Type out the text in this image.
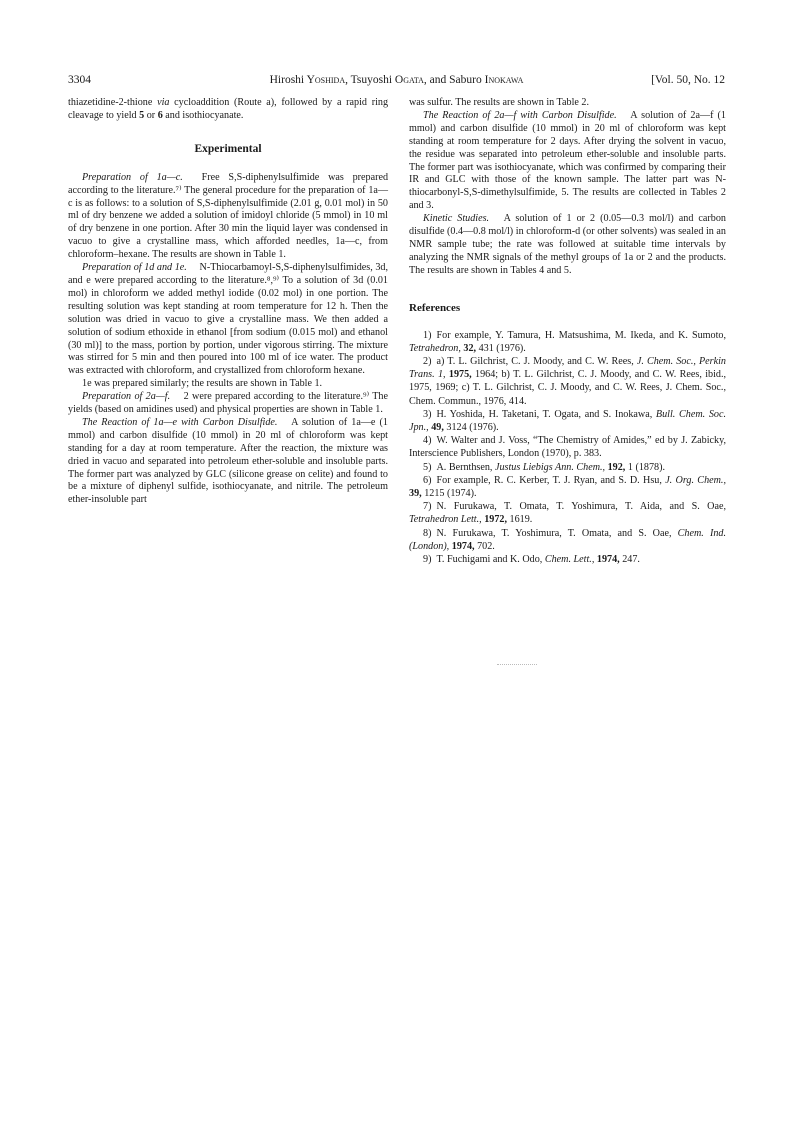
3304	Hiroshi Yoshida, Tsuyoshi Ogata, and Saburo Inokawa	[Vol. 50, No. 12

thiazetidine-2-thione via cycloaddition (Route a), followed by a rapid ring cleavage to yield 5 or 6 and isothiocyanate.

Experimental

Preparation of 1a—c.  Free S,S-diphenylsulfimide was prepared according to the literature.⁷⁾ The general procedure for the preparation of 1a—c is as follows: to a solution of S,S-diphenylsulfimide (2.01 g, 0.01 mol) in 50 ml of dry benzene we added a solution of imidoyl chloride (5 mmol) in 10 ml of dry benzene in one portion. After 30 min the liquid layer was condensed in vacuo to give a crystalline mass, which afforded needles, 1a—c, from chloroform–hexane. The results are shown in Table 1.

Preparation of 1d and 1e.  N-Thiocarbamoyl-S,S-diphenylsulfimides, 3d, and e were prepared according to the literature.⁸,⁹⁾ To a solution of 3d (0.01 mol) in chloroform we added methyl iodide (0.02 mol) in one portion. The resulting solution was kept standing at room temperature for 12 h. Then the solution was dried in vacuo to give a crystalline mass. We then added a solution of sodium ethoxide in ethanol [from sodium (0.015 mol) and ethanol (30 ml)] to the mass, portion by portion, under vigorous stirring. The mixture was stirred for 5 min and then poured into 100 ml of ice water. The product was extracted with chloroform, and crystallized from chloroform hexane.

1e was prepared similarly; the results are shown in Table 1.

Preparation of 2a—f.  2 were prepared according to the literature.⁹⁾ The yields (based on amidines used) and physical properties are shown in Table 1.

The Reaction of 1a—e with Carbon Disulfide.  A solution of 1a—e (1 mmol) and carbon disulfide (10 mmol) in 20 ml of chloroform was kept standing for a day at room temperature. After the reaction, the mixture was dried in vacuo and separated into petroleum ether-soluble and insoluble parts. The former part was analyzed by GLC (silicone grease on celite) and found to be a mixture of diphenyl sulfide, isothiocyanate, and nitrile. The petroleum ether-insoluble part

was sulfur. The results are shown in Table 2.

The Reaction of 2a—f with Carbon Disulfide.  A solution of 2a—f (1 mmol) and carbon disulfide (10 mmol) in 20 ml of chloroform was kept standing at room temperature for 2 days. After drying the solvent in vacuo, the residue was separated into petroleum ether-soluble and insoluble parts. The former part was isothiocyanate, which was confirmed by comparing their IR and GLC with those of the known sample. The latter part was N-thiocarbonyl-S,S-dimethylsulfimide, 5. The results are collected in Tables 2 and 3.

Kinetic Studies.  A solution of 1 or 2 (0.05—0.3 mol/l) and carbon disulfide (0.4—0.8 mol/l) in chloroform-d (or other solvents) was sealed in an NMR sample tube; the rate was followed at suitable time intervals by analyzing the NMR signals of the methyl groups of 1a or 2 and the products. The results are shown in Tables 4 and 5.

References

1)  For example, Y. Tamura, H. Matsushima, M. Ikeda, and K. Sumoto, Tetrahedron, 32, 431 (1976).

2)  a) T. L. Gilchrist, C. J. Moody, and C. W. Rees, J. Chem. Soc., Perkin Trans. 1, 1975, 1964; b) T. L. Gilchrist, C. J. Moody, and C. W. Rees, ibid., 1975, 1969; c) T. L. Gilchrist, C. J. Moody, and C. W. Rees, J. Chem. Soc., Chem. Commun., 1976, 414.

3)  H. Yoshida, H. Taketani, T. Ogata, and S. Inokawa, Bull. Chem. Soc. Jpn., 49, 3124 (1976).

4)  W. Walter and J. Voss, “The Chemistry of Amides,” ed by J. Zabicky, Interscience Publishers, London (1970), p. 383.

5)  A. Bernthsen, Justus Liebigs Ann. Chem., 192, 1 (1878).

6)  For example, R. C. Kerber, T. J. Ryan, and S. D. Hsu, J. Org. Chem., 39, 1215 (1974).

7)  N. Furukawa, T. Omata, T. Yoshimura, T. Aida, and S. Oae, Tetrahedron Lett., 1972, 1619.

8)  N. Furukawa, T. Yoshimura, T. Omata, and S. Oae, Chem. Ind. (London), 1974, 702.

9)  T. Fuchigami and K. Odo, Chem. Lett., 1974, 247.
